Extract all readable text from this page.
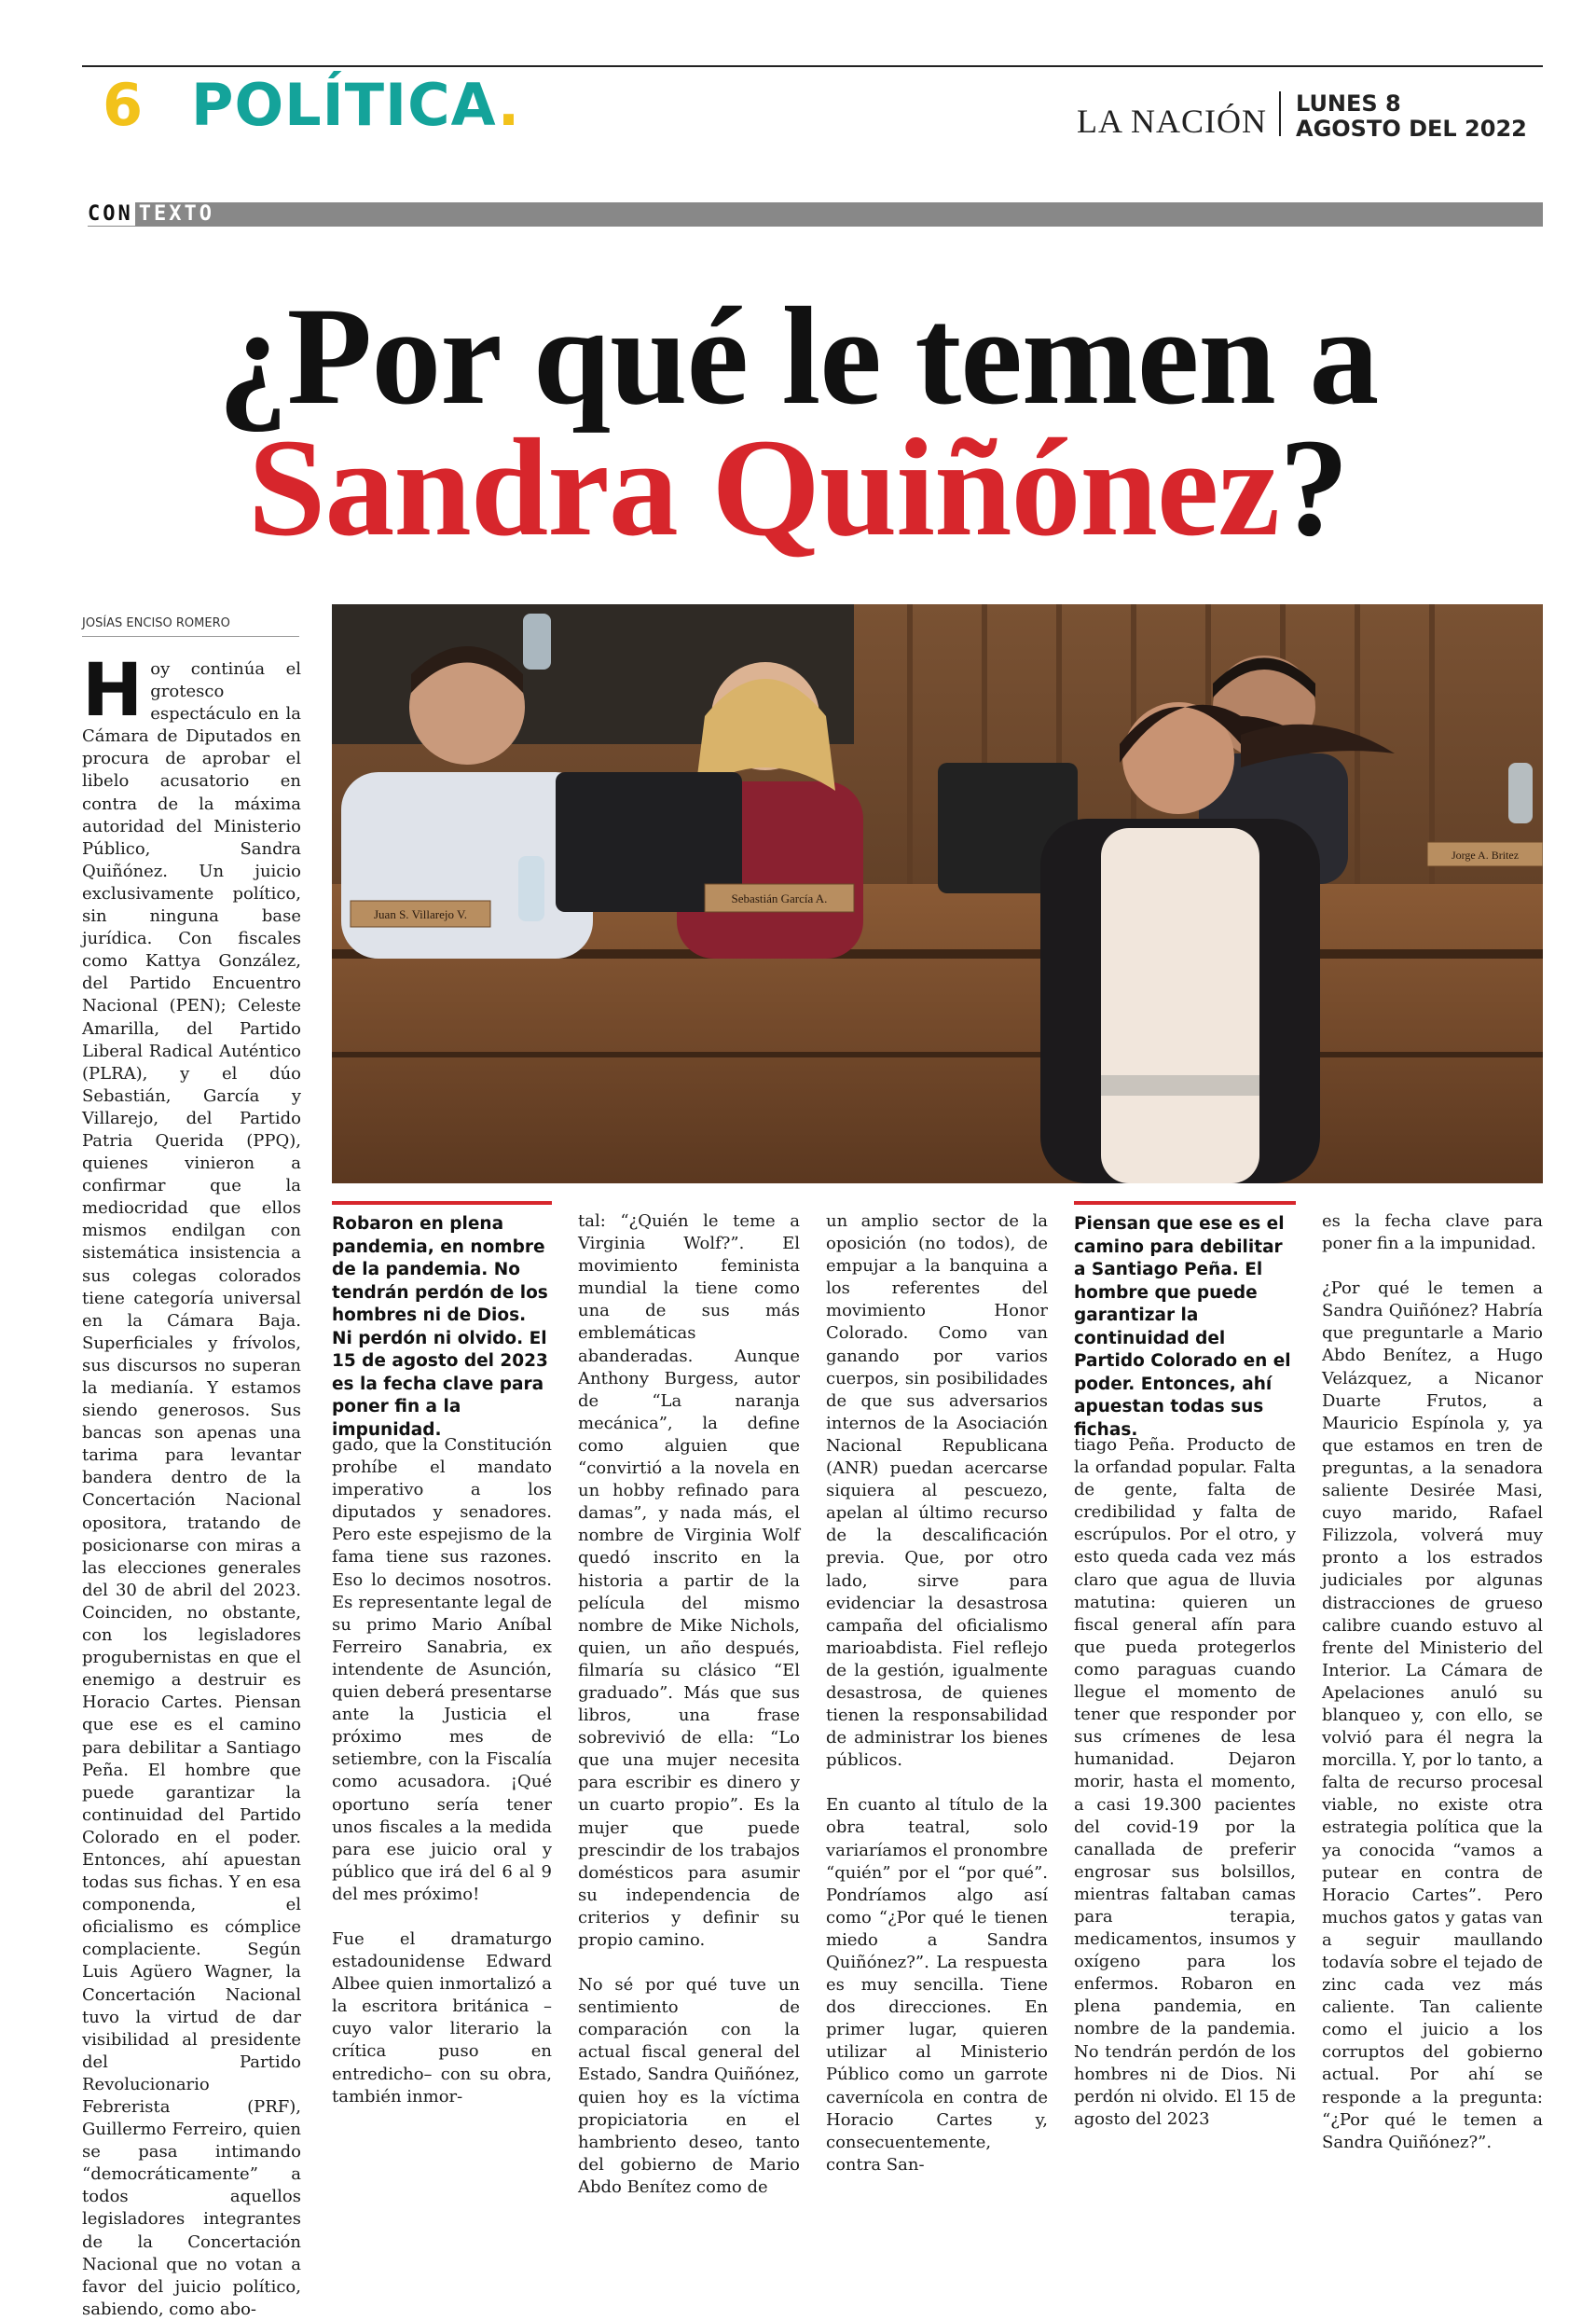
6 POLÍTICA.	LA NACIÓN LUNES 8
AGOSTO DEL 2022
CON TEXTO
¿Por qué le temen a
Sandra Quiñónez?
JOSÍAS ENCISO ROMERO
Juan S. Villarejo V.
Sebastián García A.
Jorge A. Britez

Hoy continúa el grotesco espectáculo en la Cámara de Diputados en procura de aprobar el libelo acusatorio en contra de la máxima autoridad del Ministerio Público, Sandra Quiñónez. Un juicio exclusivamente político, sin ninguna base jurídica. Con fiscales como Kattya González, del Partido Encuentro Nacional (PEN); Celeste Amarilla, del Partido Liberal Radical Auténtico (PLRA), y el dúo Sebastián, García y Villarejo, del Partido Patria Querida (PPQ), quienes vinieron a confirmar que la mediocridad que ellos mismos endilgan con sistemática insistencia a sus colegas colorados tiene categoría universal en la Cámara Baja. Superficiales y frívolos, sus discursos no superan la medianía. Y estamos siendo generosos. Sus bancas son apenas una tarima para levantar bandera dentro de la Concertación Nacional opositora, tratando de posicionarse con miras a las elecciones generales del 30 de abril del 2023. Coinciden, no obstante, con los legisladores progubernistas en que el enemigo a destruir es Horacio Cartes. Piensan que ese es el camino para debilitar a Santiago Peña. El hombre que puede garantizar la continuidad del Partido Colorado en el poder. Entonces, ahí apuestan todas sus fichas. Y en esa componenda, el oficialismo es cómplice complaciente. Según Luis Agüero Wagner, la Concertación Nacional tuvo la virtud de dar visibilidad al presidente del Partido Revolucionario Febrerista (PRF), Guillermo Ferreiro, quien se pasa intimando “democráticamente” a todos aquellos legisladores integrantes de la Concertación Nacional que no votan a favor del juicio político, sabiendo, como abo-

Robaron en plena pandemia, en nombre de la pandemia. No tendrán perdón de los hombres ni de Dios. Ni perdón ni olvido. El 15 de agosto del 2023 es la fecha clave para poner fin a la impunidad.

gado, que la Constitución prohíbe el mandato imperativo a los diputados y senadores. Pero este espejismo de la fama tiene sus razones. Eso lo decimos nosotros. Es representante legal de su primo Mario Aníbal Ferreiro Sanabria, ex intendente de Asunción, quien deberá presentarse ante la Justicia el próximo mes de setiembre, con la Fiscalía como acusadora. ¡Qué oportuno sería tener unos fiscales a la medida para ese juicio oral y público que irá del 6 al 9 del mes próximo!

Fue el dramaturgo estadounidense Edward Albee quien inmortalizó a la escritora británica –cuyo valor literario la crítica puso en entredicho– con su obra, también inmor-

tal: “¿Quién le teme a Virginia Wolf?”. El movimiento feminista mundial la tiene como una de sus más emblemáticas abanderadas. Aunque Anthony Burgess, autor de “La naranja mecánica”, la define como alguien que “convirtió a la novela en un hobby refinado para damas”, y nada más, el nombre de Virginia Wolf quedó inscrito en la historia a partir de la película del mismo nombre de Mike Nichols, quien, un año después, filmaría su clásico “El graduado”. Más que sus libros, una frase sobrevivió de ella: “Lo que una mujer necesita para escribir es dinero y un cuarto propio”. Es la mujer que puede prescindir de los trabajos domésticos para asumir su independencia de criterios y definir su propio camino.

No sé por qué tuve un sentimiento de comparación con la actual fiscal general del Estado, Sandra Quiñónez, quien hoy es la víctima propiciatoria en el hambriento deseo, tanto del gobierno de Mario Abdo Benítez como de

un amplio sector de la oposición (no todos), de empujar a la banquina a los referentes del movimiento Honor Colorado. Como van ganando por varios cuerpos, sin posibilidades de que sus adversarios internos de la Asociación Nacional Republicana (ANR) puedan acercarse siquiera al pescuezo, apelan al último recurso de la descalificación previa. Que, por otro lado, sirve para evidenciar la desastrosa campaña del oficialismo marioabdista. Fiel reflejo de la gestión, igualmente desastrosa, de quienes tienen la responsabilidad de administrar los bienes públicos.

En cuanto al título de la obra teatral, solo variaríamos el pronombre “quién” por el “por qué”. Pondríamos algo así como “¿Por qué le tienen miedo a Sandra Quiñónez?”. La respuesta es muy sencilla. Tiene dos direcciones. En primer lugar, quieren utilizar al Ministerio Público como un garrote cavernícola en contra de Horacio Cartes y, consecuentemente, contra San-

Piensan que ese es el camino para debilitar a Santiago Peña. El hombre que puede garantizar la continuidad del Partido Colorado en el poder. Entonces, ahí apuestan todas sus fichas.

tiago Peña. Producto de la orfandad popular. Falta de gente, falta de credibilidad y falta de escrúpulos. Por el otro, y esto queda cada vez más claro que agua de lluvia matutina: quieren un fiscal general afín para que pueda protegerlos como paraguas cuando llegue el momento de tener que responder por sus crímenes de lesa humanidad. Dejaron morir, hasta el momento, a casi 19.300 pacientes del covid-19 por la canallada de preferir engrosar sus bolsillos, mientras faltaban camas para terapia, medicamentos, insumos y oxígeno para los enfermos. Robaron en plena pandemia, en nombre de la pandemia. No tendrán perdón de los hombres ni de Dios. Ni perdón ni olvido. El 15 de agosto del 2023

es la fecha clave para poner fin a la impunidad.

¿Por qué le temen a Sandra Quiñónez? Habría que preguntarle a Mario Abdo Benítez, a Hugo Velázquez, a Nicanor Duarte Frutos, a Mauricio Espínola y, ya que estamos en tren de preguntas, a la senadora saliente Desirée Masi, cuyo marido, Rafael Filizzola, volverá muy pronto a los estrados judiciales por algunas distracciones de grueso calibre cuando estuvo al frente del Ministerio del Interior. La Cámara de Apelaciones anuló su blanqueo y, con ello, se volvió para él negra la morcilla. Y, por lo tanto, a falta de recurso procesal viable, no existe otra estrategia política que la ya conocida “vamos a putear en contra de Horacio Cartes”. Pero muchos gatos y gatas van a seguir maullando todavía sobre el tejado de zinc cada vez más caliente. Tan caliente como el juicio a los corruptos del gobierno actual. Por ahí se responde a la pregunta: “¿Por qué le temen a Sandra Quiñónez?”.
